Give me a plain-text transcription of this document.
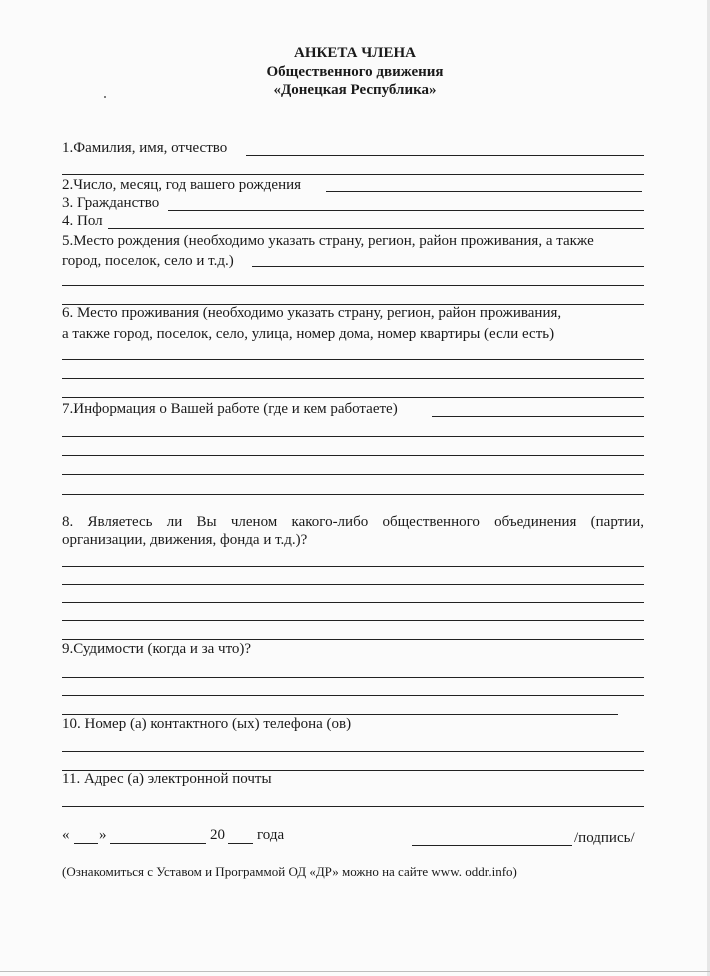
АНКЕТА ЧЛЕНА
Общественного движения
«Донецкая Республика»
1.Фамилия, имя, отчество
2.Число, месяц, год вашего рождения
3. Гражданство
4. Пол
5.Место рождения (необходимо указать страну, регион, район проживания, а также
город, поселок, село и т.д.)
6. Место проживания (необходимо указать страну, регион, район проживания,
а также город, поселок, село, улица, номер дома, номер квартиры (если есть)
7.Информация о Вашей работе (где и кем работаете)
8. Являетесь ли Вы членом какого-либо общественного объединения (партии,
организации, движения, фонда и т.д.)?
9.Судимости (когда и за что)?
10. Номер (а) контактного (ых) телефона (ов)
11. Адрес (а) электронной почты
« »	20 года	/подпись/
(Ознакомиться с Уставом и Программой ОД «ДР» можно на сайте www. oddr.info)
